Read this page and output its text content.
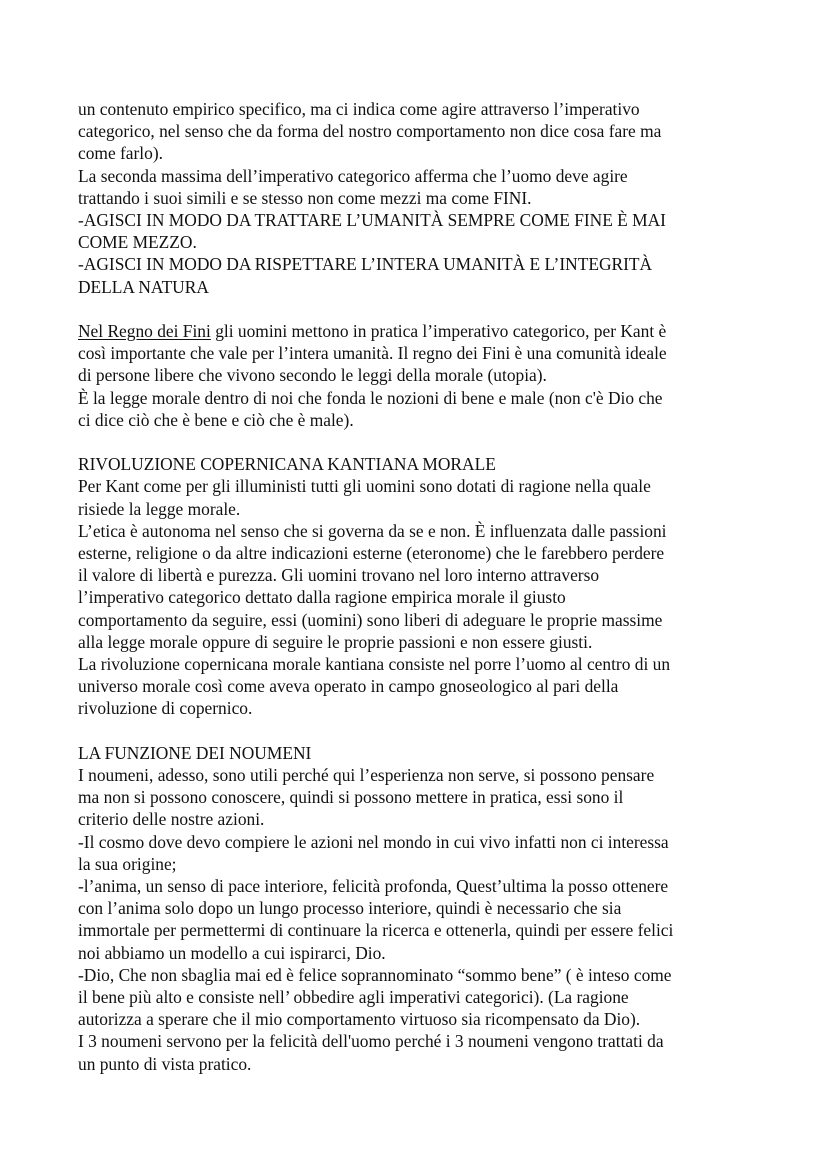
un contenuto empirico specifico, ma ci indica come agire attraverso l’imperativo
categorico, nel senso che da forma del nostro comportamento non dice cosa fare ma
come farlo).
La seconda massima dell’imperativo categorico afferma che l’uomo deve agire
trattando i suoi simili e se stesso non come mezzi ma come FINI.
-AGISCI IN MODO DA TRATTARE L’UMANITÀ SEMPRE COME FINE È MAI
COME MEZZO.
-AGISCI IN MODO DA RISPETTARE L’INTERA UMANITÀ E L’INTEGRITÀ
DELLA NATURA
Nel Regno dei Fini gli uomini mettono in pratica l’imperativo categorico, per Kant è
così importante che vale per l’intera umanità. Il regno dei Fini è una comunità ideale
di persone libere che vivono secondo le leggi della morale (utopia).
È la legge morale dentro di noi che fonda le nozioni di bene e male (non c'è Dio che
ci dice ciò che è bene e ciò che è male).
RIVOLUZIONE COPERNICANA KANTIANA MORALE
Per Kant come per gli illuministi tutti gli uomini sono dotati di ragione nella quale
risiede la legge morale.
L’etica è autonoma nel senso che si governa da se e non. È influenzata dalle passioni
esterne, religione o da altre indicazioni esterne (eteronome) che le farebbero perdere
il valore di libertà e purezza. Gli uomini trovano nel loro interno attraverso
l’imperativo categorico dettato dalla ragione empirica morale il giusto
comportamento da seguire, essi (uomini) sono liberi di adeguare le proprie massime
alla legge morale oppure di seguire le proprie passioni e non essere giusti.
La rivoluzione copernicana morale kantiana consiste nel porre l’uomo al centro di un
universo morale così come aveva operato in campo gnoseologico al pari della
rivoluzione di copernico.
LA FUNZIONE DEI NOUMENI
I noumeni, adesso, sono utili perché qui l’esperienza non serve, si possono pensare
ma non si possono conoscere, quindi si possono mettere in pratica, essi sono il
criterio delle nostre azioni.
-Il cosmo dove devo compiere le azioni nel mondo in cui vivo infatti non ci interessa
la sua origine;
-l’anima, un senso di pace interiore, felicità profonda, Quest’ultima la posso ottenere
con l’anima solo dopo un lungo processo interiore, quindi è necessario che sia
immortale per permettermi di continuare la ricerca e ottenerla, quindi per essere felici
noi abbiamo un modello a cui ispirarci, Dio.
-Dio, Che non sbaglia mai ed è felice soprannominato “sommo bene” ( è inteso come
il bene più alto e consiste nell’ obbedire agli imperativi categorici). (La ragione
autorizza a sperare che il mio comportamento virtuoso sia ricompensato da Dio).
I 3 noumeni servono per la felicità dell'uomo perché i 3 noumeni vengono trattati da
un punto di vista pratico.
